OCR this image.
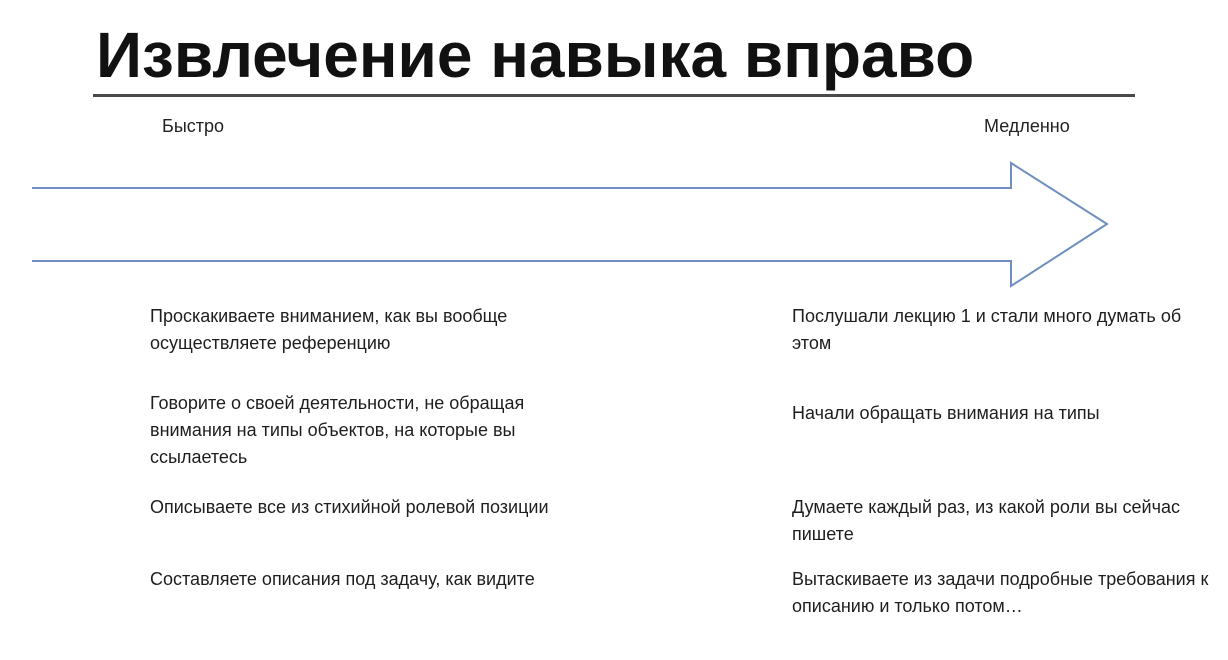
Извлечение навыка вправо
Быстро	Медленно

Проскакиваете вниманием, как вы вообще осуществляете референцию

Говорите о своей деятельности, не обращая внимания на типы объектов, на которые вы ссылаетесь

Описываете все из стихийной ролевой позиции

Составляете описания под задачу, как видите

Послушали лекцию 1 и стали много думать об этом

Начали обращать внимания на типы

Думаете каждый раз, из какой роли вы сейчас пишете

Вытаскиваете из задачи подробные требования к описанию и только потом…
